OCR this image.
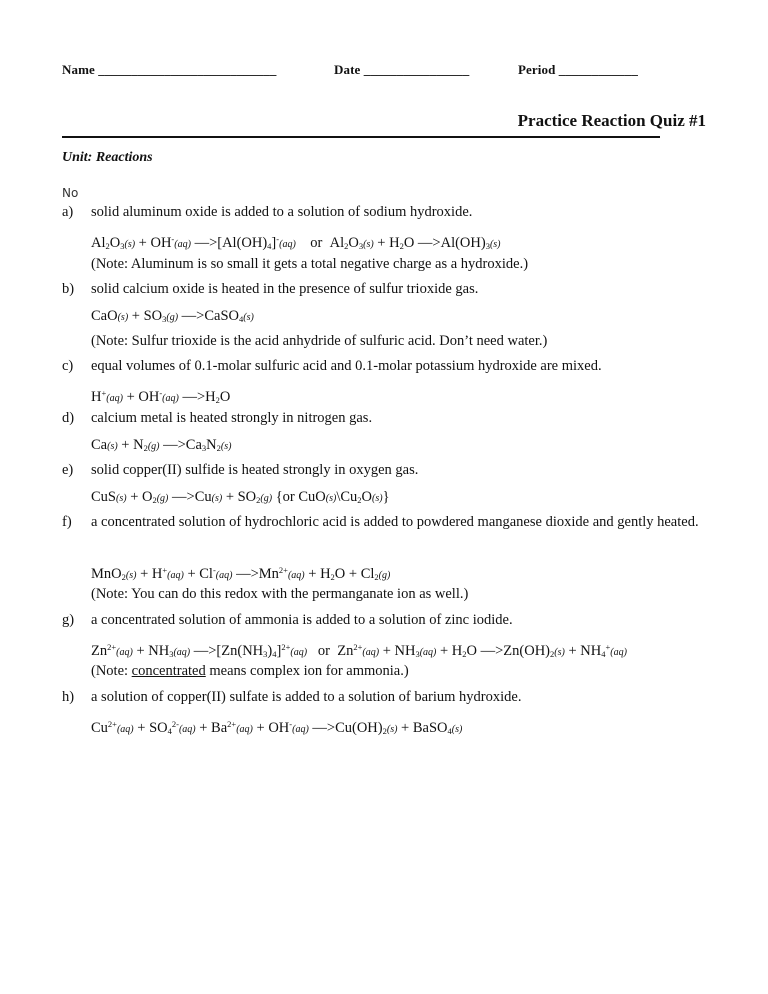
Name ___________________________	Date ________________	Period ____________
Practice Reaction Quiz #1
Unit: Reactions
No
a)	solid aluminum oxide is added to a solution of sodium hydroxide.
$Al_2O_3(s) + OH^-(aq)$ $—>[Al(OH)_4]^-(aq)$    or  $Al_2O_3(s) + H_2O$ $—>Al(OH)_3(s)$
(Note: Aluminum is so small it gets a total negative charge as a hydroxide.)
b)	solid calcium oxide is heated in the presence of sulfur trioxide gas.
$CaO(s) + SO_3(g)$ —>CaSO$_4$(s)
(Note: Sulfur trioxide is the acid anhydride of sulfuric acid. Don’t need water.)
c)	equal volumes of 0.1-molar sulfuric acid and 0.1-molar potassium hydroxide are mixed.
H+(aq) + OH-(aq) $—>H_2O$
d)	calcium metal is heated strongly in nitrogen gas.
$Ca(s) + N_2(g)$ $—>Ca_3N_2(s)$
e)	solid copper(II) sulfide is heated strongly in oxygen gas.
$CuS(s) + O_2(g)$ —>Cu(s) + $SO_2(g)$ {or $CuO(s)\backslash Cu_2O(s)$}
f)	a concentrated solution of hydrochloric acid is added to powdered manganese dioxide and gently heated.
MnO$_2$(s) + H+(aq) + Cl-(aq) $—>Mn^{2+}(aq) + H_2O + Cl_2(g)$
(Note: You can do this redox with the permanganate ion as well.)
g)	a concentrated solution of ammonia is added to a solution of zinc iodide.
$Zn^{2+}(aq) + NH_3(aq)$ $—>[Zn(NH_3)_4]^{2+}(aq)$   or  $Zn^{2+}(aq) + NH_3(aq) + H_2O$ $—>Zn(OH)_2(s) + NH_4^+(aq)$
(Note: concentrated means complex ion for ammonia.)
h)	a solution of copper(II) sulfate is added to a solution of barium hydroxide.
$Cu^{2+}(aq) + SO_4^{2-}(aq) + Ba^{2+}(aq) + OH^-(aq)$ $—>Cu(OH)_2(s)$ + BaSO$_4$(s)
